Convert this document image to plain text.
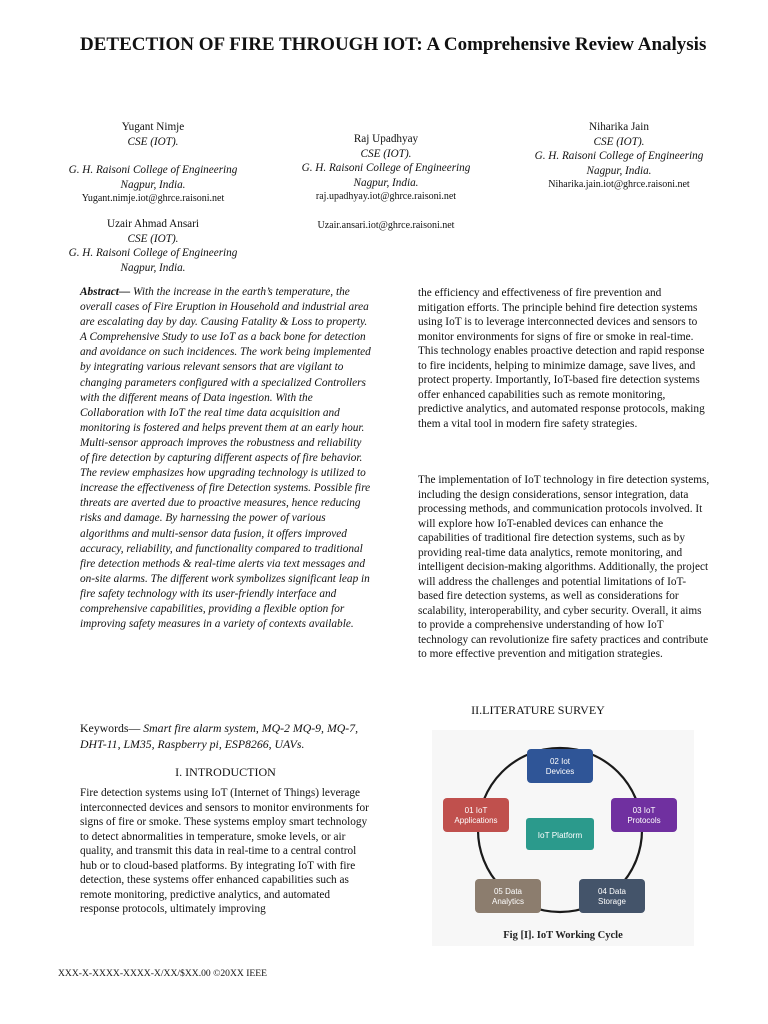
DETECTION OF FIRE THROUGH IOT: A Comprehensive Review Analysis
Yugant Nimje
CSE (IOT).
G. H. Raisoni College of Engineering
Nagpur, India.
Yugant.nimje.iot@ghrce.raisoni.net
Raj Upadhyay
CSE (IOT).
G. H. Raisoni College of Engineering
Nagpur, India.
raj.upadhyay.iot@ghrce.raisoni.net
Niharika Jain
CSE (IOT).
G. H. Raisoni College of Engineering
Nagpur, India.
Niharika.jain.iot@ghrce.raisoni.net
Uzair.ansari.iot@ghrce.raisoni.net
Uzair Ahmad Ansari
CSE (IOT).
G. H. Raisoni College of Engineering
Nagpur, India.
Abstract— With the increase in the earth’s temperature, the overall cases of Fire Eruption in Household and industrial area are escalating day by day. Causing Fatality & Loss to property. A Comprehensive Study to use IoT as a back bone for detection and avoidance on such incidences. The work being implemented by integrating various relevant sensors that are vigilant to changing parameters configured with a specialized Controllers with the different means of Data ingestion. With the Collaboration with IoT the real time data acquisition and monitoring is fostered and helps prevent them at an early hour. Multi-sensor approach improves the robustness and reliability of fire detection by capturing different aspects of fire behavior. The review emphasizes how upgrading technology is utilized to increase the effectiveness of fire Detection systems. Possible fire threats are averted due to proactive measures, hence reducing risks and damage. By harnessing the power of various algorithms and multi-sensor data fusion, it offers improved accuracy, reliability, and functionality compared to traditional fire detection methods & real-time alerts via text messages and on-site alarms. The different work symbolizes significant leap in fire safety technology with its user-friendly interface and comprehensive capabilities, providing a flexible option for improving safety measures in a variety of contexts available.
Keywords— Smart fire alarm system, MQ-2 MQ-9, MQ-7, DHT-11, LM35, Raspberry pi, ESP8266, UAVs.
I. INTRODUCTION
Fire detection systems using IoT (Internet of Things) leverage interconnected devices and sensors to monitor environments for signs of fire or smoke. These systems employ smart technology to detect abnormalities in temperature, smoke levels, or air quality, and transmit this data in real-time to a central control hub or to cloud-based platforms. By integrating IoT with fire detection, these systems offer enhanced capabilities such as remote monitoring, predictive analytics, and automated response protocols, ultimately improving
the efficiency and effectiveness of fire prevention and mitigation efforts. The principle behind fire detection systems using IoT is to leverage interconnected devices and sensors to monitor environments for signs of fire or smoke in real-time. This technology enables proactive detection and rapid response to fire incidents, helping to minimize damage, save lives, and protect property. Importantly, IoT-based fire detection systems offer enhanced capabilities such as remote monitoring, predictive analytics, and automated response protocols, making them a vital tool in modern fire safety strategies.
The implementation of IoT technology in fire detection systems, including the design considerations, sensor integration, data processing methods, and communication protocols involved. It will explore how IoT-enabled devices can enhance the capabilities of traditional fire detection systems, such as by providing real-time data analytics, remote monitoring, and intelligent decision-making algorithms. Additionally, the project will address the challenges and potential limitations of IoT-based fire detection systems, as well as considerations for scalability, interoperability, and cyber security. Overall, it aims to provide a comprehensive understanding of how IoT technology can revolutionize fire safety practices and contribute to more effective prevention and mitigation strategies.
II.LITERATURE SURVEY
02 Iot
Devices
03 IoT
Protocols
04 Data
Storage
05 Data
Analytics
01 IoT
Applications
IoT Platform
Fig [I]. IoT Working Cycle
XXX-X-XXXX-XXXX-X/XX/$XX.00 ©20XX IEEE
